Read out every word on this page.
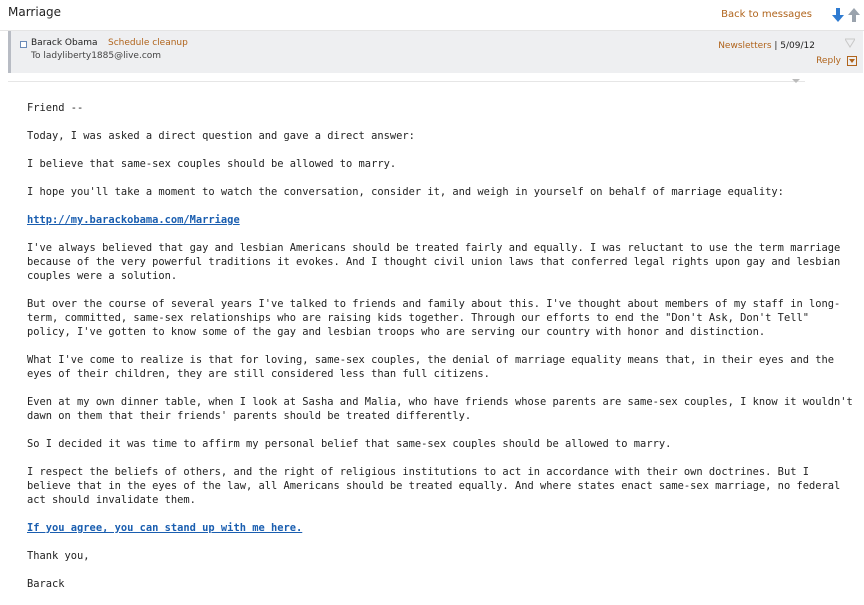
Marriage	Back to messages
Barack Obama Schedule cleanup
To ladyliberty1885@live.com
Newsletters | 5/09/12
Reply

Friend --

Today, I was asked a direct question and gave a direct answer:

I believe that same-sex couples should be allowed to marry.

I hope you'll take a moment to watch the conversation, consider it, and weigh in yourself on behalf of marriage equality:

http://my.barackobama.com/Marriage

I've always believed that gay and lesbian Americans should be treated fairly and equally. I was reluctant to use the term marriage because of the very powerful traditions it evokes. And I thought civil union laws that conferred legal rights upon gay and lesbian couples were a solution.

But over the course of several years I've talked to friends and family about this. I've thought about members of my staff in long-term, committed, same-sex relationships who are raising kids together. Through our efforts to end the "Don't Ask, Don't Tell" policy, I've gotten to know some of the gay and lesbian troops who are serving our country with honor and distinction.

What I've come to realize is that for loving, same-sex couples, the denial of marriage equality means that, in their eyes and the eyes of their children, they are still considered less than full citizens.

Even at my own dinner table, when I look at Sasha and Malia, who have friends whose parents are same-sex couples, I know it wouldn't dawn on them that their friends' parents should be treated differently.

So I decided it was time to affirm my personal belief that same-sex couples should be allowed to marry.

I respect the beliefs of others, and the right of religious institutions to act in accordance with their own doctrines. But I believe that in the eyes of the law, all Americans should be treated equally. And where states enact same-sex marriage, no federal act should invalidate them.

If you agree, you can stand up with me here.

Thank you,

Barack
